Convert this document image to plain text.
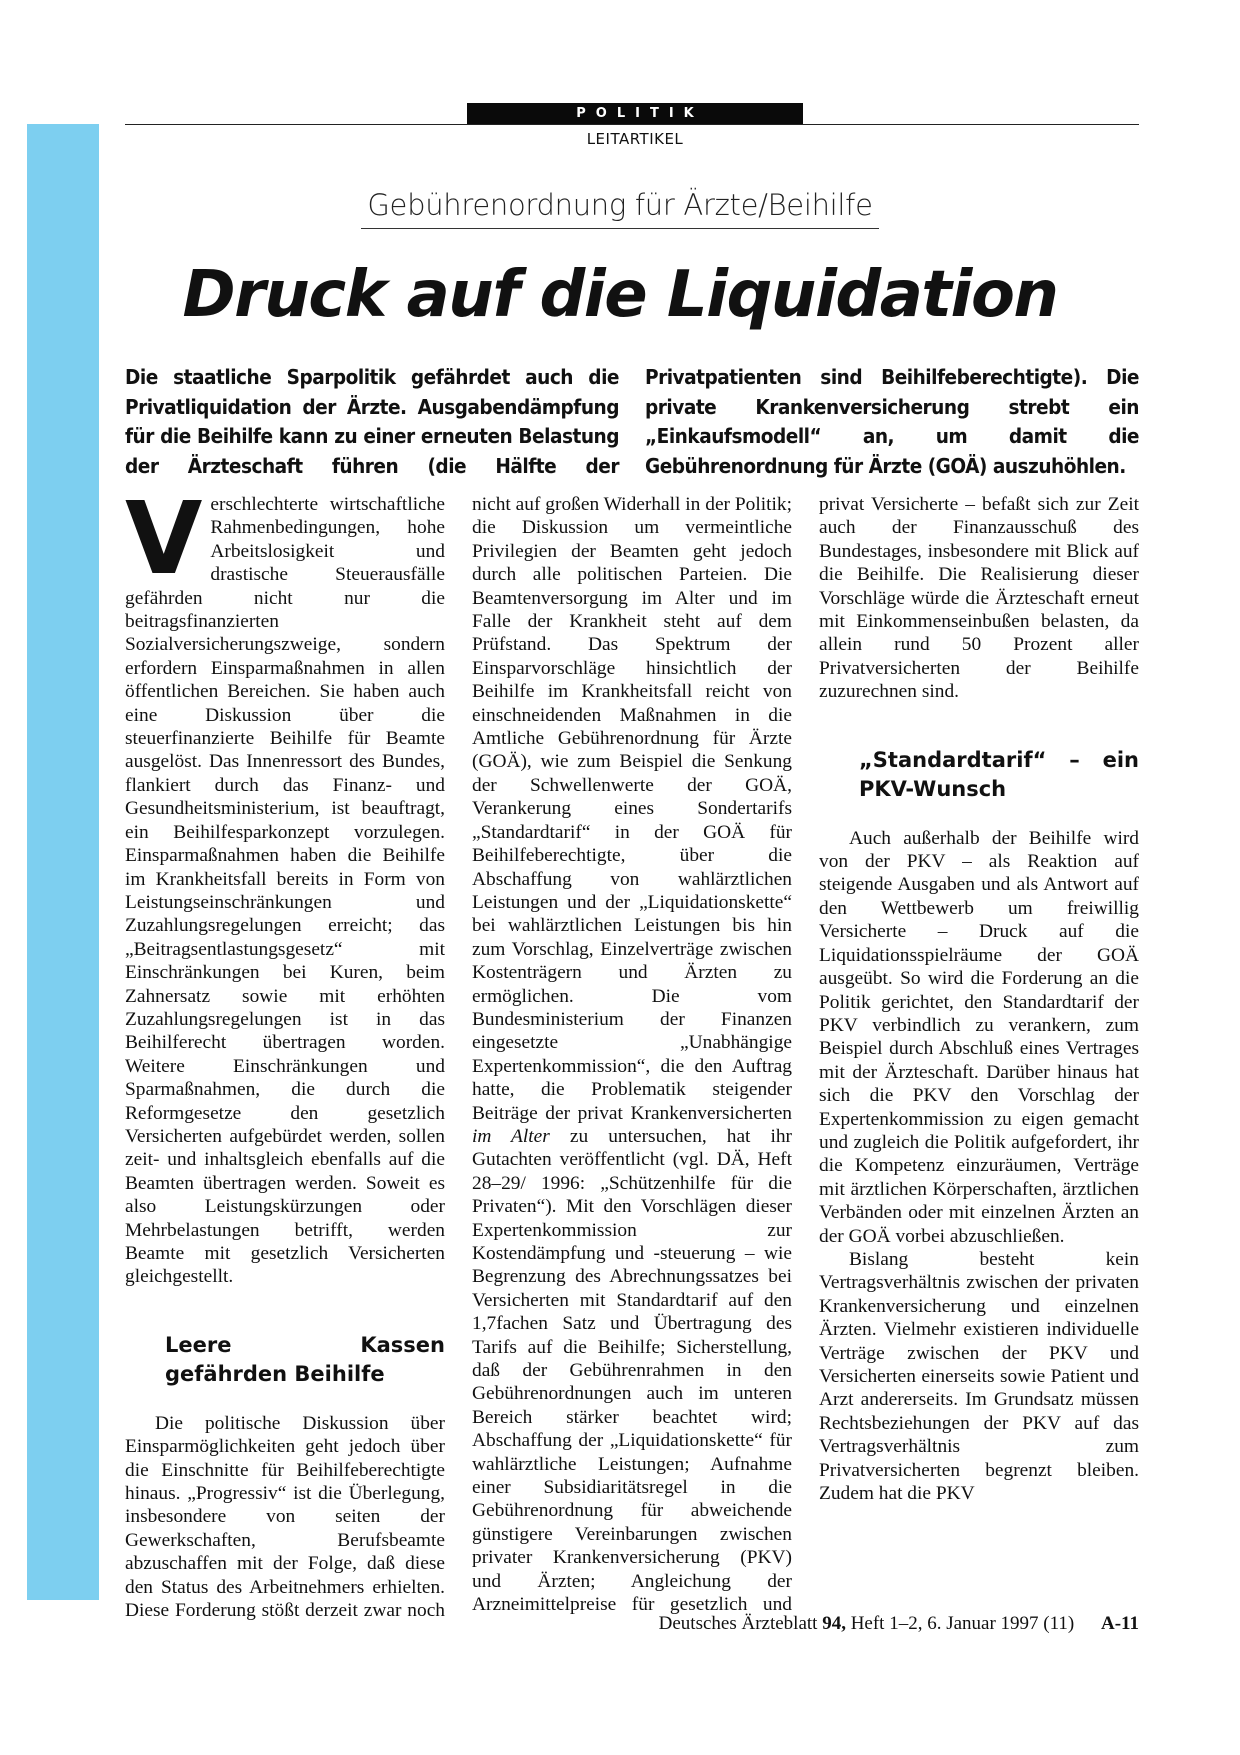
POLITIK
LEITARTIKEL
Gebührenordnung für Ärzte/Beihilfe
Druck auf die Liquidation
Die staatliche Sparpolitik gefährdet auch die Privatliquidation der Ärzte. Ausgabendämpfung für die Beihilfe kann zu einer erneuten Belastung der Ärzteschaft führen (die Hälfte der Privatpatienten sind Beihilfeberechtigte). Die private Krankenversicherung strebt ein „Einkaufsmodell“ an, um damit die Gebührenordnung für Ärzte (GOÄ) auszuhöhlen.

Verschlechterte wirtschaftliche Rahmenbedingungen, hohe Arbeitslosigkeit und drastische Steuerausfälle gefährden nicht nur die beitragsfinanzierten Sozialversicherungszweige, sondern erfordern Einsparmaßnahmen in allen öffentlichen Bereichen. Sie haben auch eine Diskussion über die steuerfinanzierte Beihilfe für Beamte ausgelöst. Das Innenressort des Bundes, flankiert durch das Finanz- und Gesundheitsministerium, ist beauftragt, ein Beihilfesparkonzept vorzulegen. Einsparmaßnahmen haben die Beihilfe im Krankheitsfall bereits in Form von Leistungseinschränkungen und Zuzahlungsregelungen erreicht; das „Beitragsentlastungsgesetz“ mit Einschränkungen bei Kuren, beim Zahnersatz sowie mit erhöhten Zuzahlungsregelungen ist in das Beihilferecht übertragen worden. Weitere Einschränkungen und Sparmaßnahmen, die durch die Reformgesetze den gesetzlich Versicherten aufgebürdet werden, sollen zeit- und inhaltsgleich ebenfalls auf die Beamten übertragen werden. Soweit es also Leistungskürzungen oder Mehrbelastungen betrifft, werden Beamte mit gesetzlich Versicherten gleichgestellt.

Leere Kassen gefährden Beihilfe

Die politische Diskussion über Einsparmöglichkeiten geht jedoch über die Einschnitte für Beihilfeberechtigte hinaus. „Progressiv“ ist die Überlegung, insbesondere von seiten der Gewerkschaften, Berufsbeamte abzuschaffen mit der Folge, daß diese den Status des Arbeitnehmers erhielten. Diese Forderung stößt derzeit zwar noch nicht auf großen Widerhall in der Politik; die Diskussion um vermeintliche Privilegien der Beamten geht jedoch durch alle politischen Parteien. Die Beamtenversorgung im Alter und im Falle der Krankheit steht auf dem Prüfstand. Das Spektrum der Einsparvorschläge hinsichtlich der Beihilfe im Krankheitsfall reicht von einschneidenden Maßnahmen in die Amtliche Gebührenordnung für Ärzte (GOÄ), wie zum Beispiel die Senkung der Schwellenwerte der GOÄ, Verankerung eines Sondertarifs „Standardtarif“ in der GOÄ für Beihilfeberechtigte, über die Abschaffung von wahlärztlichen Leistungen und der „Liquidationskette“ bei wahlärztlichen Leistungen bis hin zum Vorschlag, Einzelverträge zwischen Kostenträgern und Ärzten zu ermöglichen. Die vom Bundesministerium der Finanzen eingesetzte „Unabhängige Expertenkommission“, die den Auftrag hatte, die Problematik steigender Beiträge der privat Krankenversicherten im Alter zu untersuchen, hat ihr Gutachten veröffentlicht (vgl. DÄ, Heft 28–29/ 1996: „Schützenhilfe für die Privaten“). Mit den Vorschlägen dieser Expertenkommission zur Kostendämpfung und -steuerung – wie Begrenzung des Abrechnungssatzes bei Versicherten mit Standardtarif auf den 1,7fachen Satz und Übertragung des Tarifs auf die Beihilfe; Sicherstellung, daß der Gebührenrahmen in den Gebührenordnungen auch im unteren Bereich stärker beachtet wird; Abschaffung der „Liquidationskette“ für wahlärztliche Leistungen; Aufnahme einer Subsidiaritätsregel in die Gebührenordnung für abweichende günstigere Vereinbarungen zwischen privater Krankenversicherung (PKV) und Ärzten; Angleichung der Arzneimittelpreise für gesetzlich und privat Versicherte – befaßt sich zur Zeit auch der Finanzausschuß des Bundestages, insbesondere mit Blick auf die Beihilfe. Die Realisierung dieser Vorschläge würde die Ärzteschaft erneut mit Einkommenseinbußen belasten, da allein rund 50 Prozent aller Privatversicherten der Beihilfe zuzurechnen sind.

„Standardtarif“ – ein PKV-Wunsch

Auch außerhalb der Beihilfe wird von der PKV – als Reaktion auf steigende Ausgaben und als Antwort auf den Wettbewerb um freiwillig Versicherte – Druck auf die Liquidationsspielräume der GOÄ ausgeübt. So wird die Forderung an die Politik gerichtet, den Standardtarif der PKV verbindlich zu verankern, zum Beispiel durch Abschluß eines Vertrages mit der Ärzteschaft. Darüber hinaus hat sich die PKV den Vorschlag der Expertenkommission zu eigen gemacht und zugleich die Politik aufgefordert, ihr die Kompetenz einzuräumen, Verträge mit ärztlichen Körperschaften, ärztlichen Verbänden oder mit einzelnen Ärzten an der GOÄ vorbei abzuschließen.

Bislang besteht kein Vertragsverhältnis zwischen der privaten Krankenversicherung und einzelnen Ärzten. Vielmehr existieren individuelle Verträge zwischen der PKV und Versicherten einerseits sowie Patient und Arzt andererseits. Im Grundsatz müssen Rechtsbeziehungen der PKV auf das Vertragsverhältnis zum Privatversicherten begrenzt bleiben. Zudem hat die PKV

Deutsches Ärzteblatt 94, Heft 1–2, 6. Januar 1997 (11) A-11
